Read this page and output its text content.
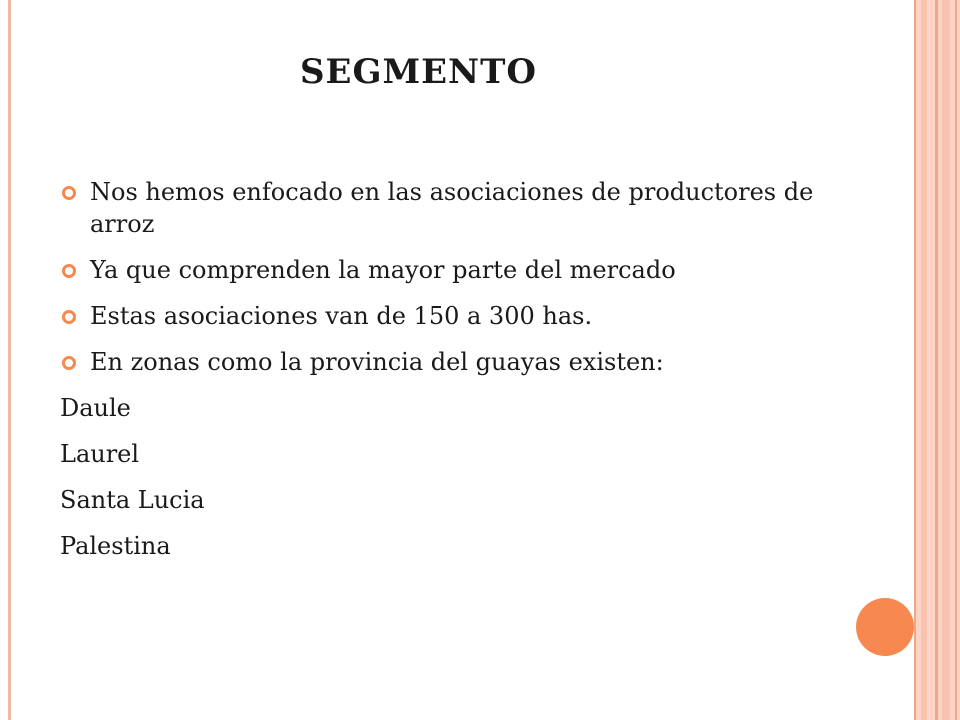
SEGMENTO
Nos hemos enfocado en las asociaciones de productores de arroz
Ya que comprenden la mayor parte del mercado
Estas asociaciones van de 150 a 300 has.
En zonas como la provincia del guayas existen:
Daule
Laurel
Santa Lucia
Palestina
